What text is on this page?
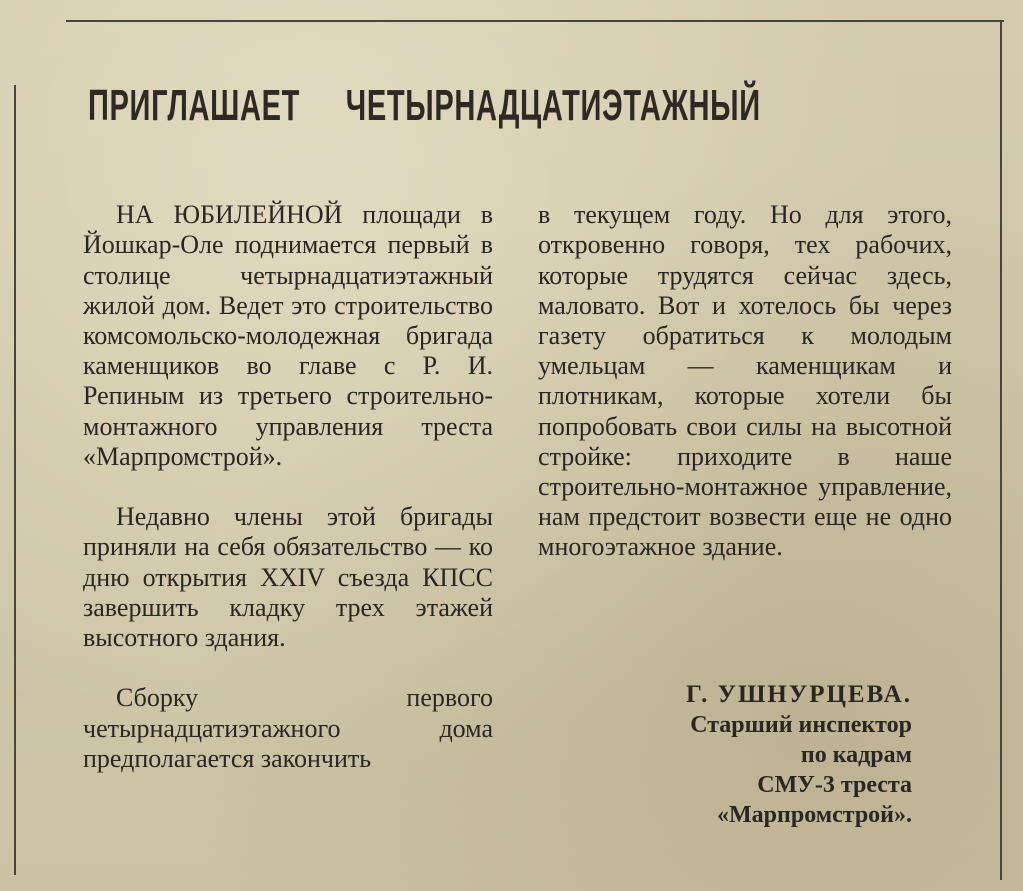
ПРИГЛАШАЕТ ЧЕТЫРНАДЦАТИЭТАЖНЫЙ

НА ЮБИЛЕЙНОЙ площади в Йошкар-Оле поднимается первый в столице четырнадцатиэтажный жилой дом. Ведет это строительство комсомольско-молодежная бригада каменщиков во главе с Р. И. Репиным из третьего строительно-монтажного управления треста «Марпромстрой».

Недавно члены этой бригады приняли на себя обязательство — ко дню открытия XXIV съезда КПСС завершить кладку трех этажей высотного здания.

Сборку первого четырнадцатиэтажного дома предполагается закончить

в текущем году. Но для этого, откровенно говоря, тех рабочих, которые трудятся сейчас здесь, маловато. Вот и хотелось бы через газету обратиться к молодым умельцам — каменщикам и плотникам, которые хотели бы попробовать свои силы на высотной стройке: приходите в наше строительно-монтажное управление, нам предстоит возвести еще не одно многоэтажное здание.

Г. УШНУРЦЕВА.
Старший инспектор
по кадрам
СМУ-3 треста
«Марпромстрой».
